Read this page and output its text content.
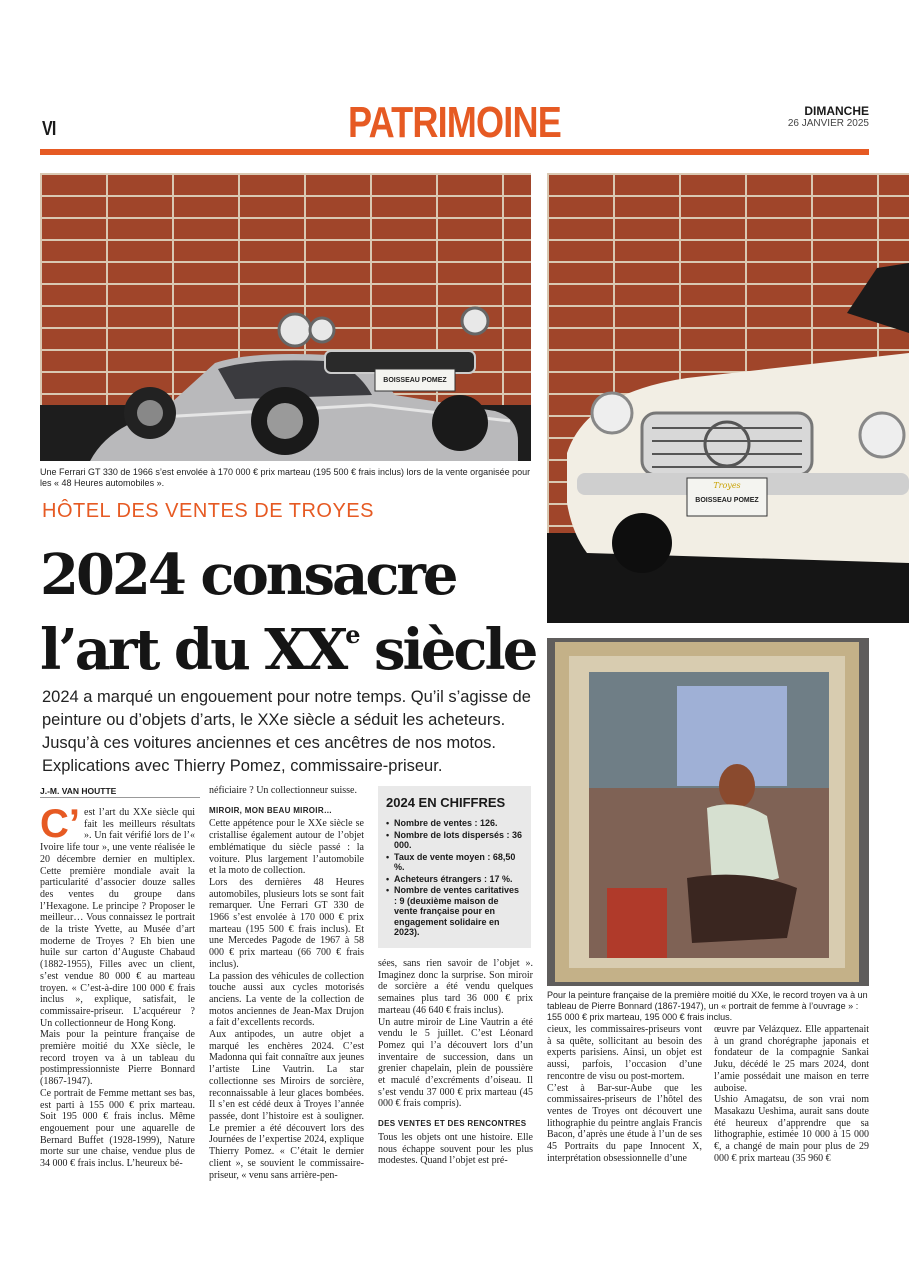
VI	PATRIMOINE	DIMANCHE
26 JANVIER 2025
BOISSEAU POMEZ
Une Ferrari GT 330 de 1966 s’est envolée à 170 000 € prix marteau (195 500 € frais inclus) lors de la vente organisée pour les « 48 Heures automobiles ».	Troyes
BOISSEAU POMEZ
Pour la peinture française de la première moitié du XXe, le record troyen va à un tableau de Pierre Bonnard (1867-1947), un « portrait de femme à l’ouvrage » : 155 000 € prix marteau, 195 000 € frais inclus.
HÔTEL DES VENTES DE TROYES
2024 consacre
l’art du XXe siècle
2024 a marqué un engouement pour notre temps. Qu’il s’agisse de peinture ou d’objets d’arts, le XXe siècle a séduit les acheteurs. Jusqu’à ces voitures anciennes et ces ancêtres de nos motos. Explications avec Thierry Pomez, commissaire-priseur.
J.-M. VAN HOUTTE
C’ est l’art du XXe siècle qui fait les meilleurs résultats ». Un fait vérifié lors de l’« Ivoire life tour », une vente réalisée le 20 décembre dernier en multiplex. Cette première mondiale avait la particularité d’associer douze salles des ventes du groupe dans l’Hexagone. Le principe ? Proposer le meilleur… Vous connaissez le portrait de la triste Yvette, au Musée d’art moderne de Troyes ? Eh bien une huile sur carton d’Auguste Chabaud (1882-1955), Filles avec un client, s’est vendue 80 000 € au marteau troyen. « C’est-à-dire 100 000 € frais inclus », explique, satisfait, le commissaire-priseur. L’acquéreur ? Un collectionneur de Hong Kong.

Mais pour la peinture française de première moitié du XXe siècle, le record troyen va à un tableau du postimpressionniste Pierre Bonnard (1867-1947).

Ce portrait de Femme mettant ses bas, est parti à 155 000 € prix marteau. Soit 195 000 € frais inclus. Même engouement pour une aquarelle de Bernard Buffet (1928-1999), Nature morte sur une chaise, vendue plus de 34 000 € frais inclus. L’heureux bé-

néficiaire ? Un collectionneur suisse.

MIROIR, MON BEAU MIROIR…

Cette appétence pour le XXe siècle se cristallise également autour de l’objet emblématique du siècle passé : la voiture. Plus largement l’automobile et la moto de collection.

Lors des dernières 48 Heures automobiles, plusieurs lots se sont fait remarquer. Une Ferrari GT 330 de 1966 s’est envolée à 170 000 € prix marteau (195 500 € frais inclus). Et une Mercedes Pagode de 1967 à 58 000 € prix marteau (66 700 € frais inclus).

La passion des véhicules de collection touche aussi aux cycles motorisés anciens. La vente de la collection de motos anciennes de Jean-Max Drujon a fait d’excellents records.

Aux antipodes, un autre objet a marqué les enchères 2024. C’est Madonna qui fait connaître aux jeunes l’artiste Line Vautrin. La star collectionne ses Miroirs de sorcière, reconnaissable à leur glaces bombées. Il s’en est cédé deux à Troyes l’année passée, dont l’histoire est à souligner. Le premier a été découvert lors des Journées de l’expertise 2024, explique Thierry Pomez. « C’était le dernier client », se souvient le commissaire-priseur, « venu sans arrière-pen-

2024 EN CHIFFRES
• Nombre de ventes : 126.
• Nombre de lots dispersés : 36 000.
• Taux de vente moyen : 68,50 %.
• Acheteurs étrangers : 17 %.
• Nombre de ventes caritatives : 9 (deuxième maison de vente française pour en engagement solidaire en 2023).

sées, sans rien savoir de l’objet ». Imaginez donc la surprise. Son miroir de sorcière a été vendu quelques semaines plus tard 36 000 € prix marteau (46 640 € frais inclus).

Un autre miroir de Line Vautrin a été vendu le 5 juillet. C’est Léonard Pomez qui l’a découvert lors d’un inventaire de succession, dans un grenier chapelain, plein de poussière et maculé d’excréments d’oiseau. Il s’est vendu 37 000 € prix marteau (45 000 € frais compris).

DES VENTES ET DES RENCONTRES

Tous les objets ont une histoire. Elle nous échappe souvent pour les plus modestes. Quand l’objet est pré-

cieux, les commissaires-priseurs vont à sa quête, sollicitant au besoin des experts parisiens. Ainsi, un objet est aussi, parfois, l’occasion d’une rencontre de visu ou post-mortem.

C’est à Bar-sur-Aube que les commissaires-priseurs de l’hôtel des ventes de Troyes ont découvert une lithographie du peintre anglais Francis Bacon, d’après une étude à l’un de ses 45 Portraits du pape Innocent X, interprétation obsessionnelle d’une

œuvre par Velázquez. Elle appartenait à un grand chorégraphe japonais et fondateur de la compagnie Sankai Juku, décédé le 25 mars 2024, dont l’amie possédait une maison en terre auboise.

Ushio Amagatsu, de son vrai nom Masakazu Ueshima, aurait sans doute été heureux d’apprendre que sa lithographie, estimée 10 000 à 15 000 €, a changé de main pour plus de 29 000 € prix marteau (35 960 €
